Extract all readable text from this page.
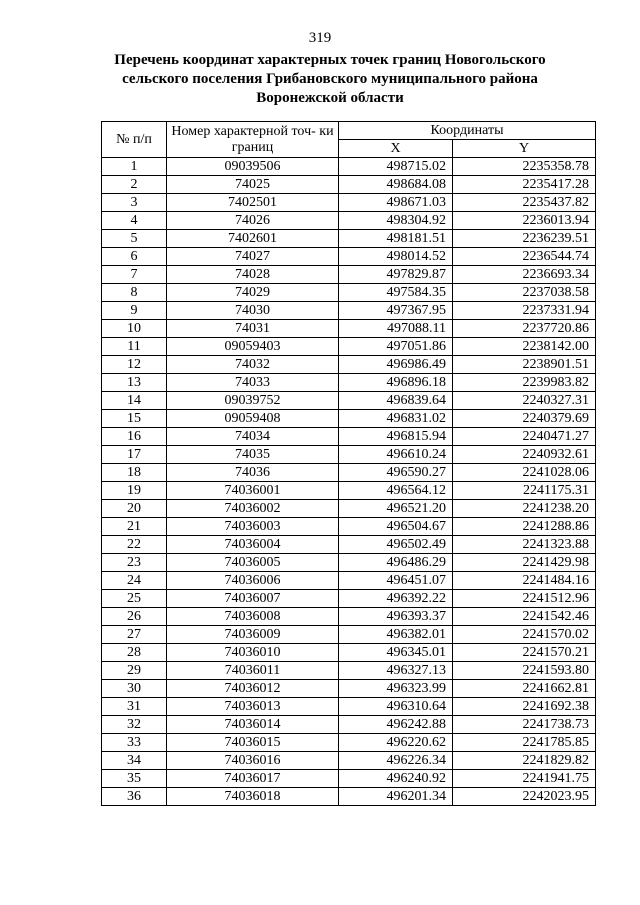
319
Перечень координат характерных точек границ Новогольского
сельского поселения Грибановского муниципального района
Воронежской области
№ п/п	Номер характерной точ- ки границ	Координаты	
		X	Y
1	09039506	498715.02	2235358.78
2	74025	498684.08	2235417.28
3	7402501	498671.03	2235437.82
4	74026	498304.92	2236013.94
5	7402601	498181.51	2236239.51
6	74027	498014.52	2236544.74
7	74028	497829.87	2236693.34
8	74029	497584.35	2237038.58
9	74030	497367.95	2237331.94
10	74031	497088.11	2237720.86
11	09059403	497051.86	2238142.00
12	74032	496986.49	2238901.51
13	74033	496896.18	2239983.82
14	09039752	496839.64	2240327.31
15	09059408	496831.02	2240379.69
16	74034	496815.94	2240471.27
17	74035	496610.24	2240932.61
18	74036	496590.27	2241028.06
19	74036001	496564.12	2241175.31
20	74036002	496521.20	2241238.20
21	74036003	496504.67	2241288.86
22	74036004	496502.49	2241323.88
23	74036005	496486.29	2241429.98
24	74036006	496451.07	2241484.16
25	74036007	496392.22	2241512.96
26	74036008	496393.37	2241542.46
27	74036009	496382.01	2241570.02
28	74036010	496345.01	2241570.21
29	74036011	496327.13	2241593.80
30	74036012	496323.99	2241662.81
31	74036013	496310.64	2241692.38
32	74036014	496242.88	2241738.73
33	74036015	496220.62	2241785.85
34	74036016	496226.34	2241829.82
35	74036017	496240.92	2241941.75
36	74036018	496201.34	2242023.95
